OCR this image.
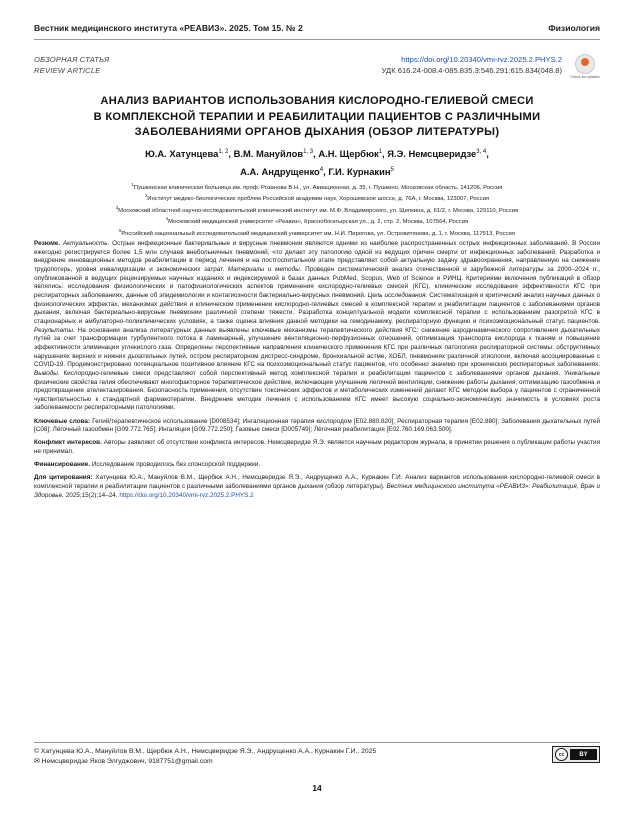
Вестник медицинского института «РЕАВИЗ». 2025. Том 15. № 2	Физиология
ОБЗОРНАЯ СТАТЬЯ
REVIEW ARTICLE
https://doi.org/10.20340/vmi-rvz.2025.2.PHYS.2
УДК 616.24-008.4-085.835.3:546.291:615.834(048.8)
Check for updates
АНАЛИЗ ВАРИАНТОВ ИСПОЛЬЗОВАНИЯ КИСЛОРОДНО-ГЕЛИЕВОЙ СМЕСИ
В КОМПЛЕКСНОЙ ТЕРАПИИ И РЕАБИЛИТАЦИИ ПАЦИЕНТОВ С РАЗЛИЧНЫМИ
ЗАБОЛЕВАНИЯМИ ОРГАНОВ ДЫХАНИЯ (ОБЗОР ЛИТЕРАТУРЫ)
Ю.А. Хатунцева$^{1, 2}$, В.М. Мануйлов$^{1, 3}$, А.Н. Щербюк$^1$, Я.Э. Немсцверидзе$^{3, 4}$,
А.А. Андрущенко$^4$, Г.И. Курнакин$^5$
$^1$Пушкинская клиническая больница им. проф. Розанова В.Н., ул. Авиационная, д. 35, г. Пушкино, Московская область, 141206, Россия
$^2$Институт медико-биологических проблем Российской академии наук, Хорошевское шоссе, д. 76А, г. Москва, 123007, Россия
$^3$Московский областной научно-исследовательский клинический институт им. М.Ф. Владимирского, ул. Щепкина, д. 61/2, г. Москва, 129110, Россия
$^4$Московский медицинский университет «Реавиз», Краснобогатырская ул., д. 2, стр. 2, Москва, 107564, Россия
$^5$Российский национальный исследовательский медицинский университет им. Н.И. Пирогова, ул. Островитянова, д. 1, г. Москва, 117513, Россия

Резюме. Актуальность. Острые инфекционные бактериальные и вирусные пневмонии являются одними из наиболее распространенных острых инфекционных заболеваний. В России ежегодно регистрируется более 1,5 млн случаев внебольничных пневмоний, что делает эту патологию одной из ведущих причин смерти от инфекционных заболеваний. Разработка и внедрение инновационных методов реабилитации в период лечения и на постгоспитальном этапе представляет собой актуальную задачу здравоохранения, направленную на снижение трудопотерь, уровня инвалидизации и экономических затрат. Материалы и методы. Проведен систематический анализ отечественной и зарубежной литературы за 2000–2024 гг., опубликованной в ведущих рецензируемых научных изданиях и индексируемой в базах данных PubMed, Scopus, Web of Science и РИНЦ. Критериями включения публикаций в обзор являлись: исследования физиологических и патофизиологических аспектов применения кислородно-гелиевых смесей (КГС), клинические исследования эффективности КГС при респираторных заболеваниях, данные об эпидемиологии и контагиозности бактериально-вирусных пневмоний. Цель исследования. Систематизация и критический анализ научных данных о физиологических эффектах, механизмах действия и клиническом применении кислородно-гелиевых смесей в комплексной терапии и реабилитации пациентов с заболеваниями органов дыхания, включая бактериально-вирусные пневмонии различной степени тяжести. Разработка концептуальной модели комплексной терапии с использованием разогретой КГС в стационарных и амбулаторно-поликлинических условиях, а также оценка влияния данной методики на гемодинамику, респираторную функцию и психоэмоциональный статус пациентов. Результаты. На основании анализа литературных данных выявлены ключевые механизмы терапевтического действия КГС: снижение аэродинамического сопротивления дыхательных путей за счет трансформации турбулентного потока в ламинарный, улучшение вентиляционно-перфузионных отношений, оптимизация транспорта кислорода к тканям и повышение эффективности элиминации углекислого газа. Определены перспективные направления клинического применения КГС при различных патологиях респираторной системы: обструктивных нарушениях верхних и нижних дыхательных путей, остром респираторном дистресс-синдроме, бронхиальной астме, ХОБЛ, пневмониях различной этиологии, включая ассоциированные с COVID-19. Продемонстрировано потенциальное позитивное влияние КГС на психоэмоциональный статус пациентов, что особенно значимо при хронических респираторных заболеваниях. Выводы. Кислородно-гелиевые смеси представляют собой перспективный метод комплексной терапии и реабилитации пациентов с заболеваниями органов дыхания. Уникальные физические свойства гелия обеспечивают многофакторное терапевтическое действие, включающее улучшение легочной вентиляции, снижение работы дыхания, оптимизацию газообмена и предотвращение ателектазирования. Безопасность применения, отсутствие токсических эффектов и метаболических изменений делают КГС методом выбора у пациентов с ограниченной чувствительностью к стандартной фармакотерапии. Внедрение методик лечения с использованием КГС имеет высокую социально-экономическую значимость в условиях роста заболеваемости респираторными патологиями.

Ключевые слова: Гелий/терапевтическое использование [D008534]; Ингаляционная терапия кислородом [E02.880.820]; Респираторная терапия [E02.880]; Заболевания дыхательных путей [C08]; Лёгочный газообмен [G09.772.765]; Ингаляция [G09.772.250]; Газовые смеси [D005749]; Лёгочная реабилитация [E02.760.169.063.500].

Конфликт интересов. Авторы заявляют об отсутствии конфликта интересов. Немсцверидзе Я.Э. является научным редактором журнала, в принятии решения о публикации работы участия не принимал.

Финансирование. Исследование проводилось без спонсорской поддержки.

Для цитирования: Хатунцева Ю.А., Мануйлов В.М., Щербюк А.Н., Немсцверидзе Я.Э., Андрущенко А.А., Курнакин Г.И. Анализ вариантов использования кислородно-гелиевой смеси в комплексной терапии и реабилитации пациентов с различными заболеваниями органов дыхания (обзор литературы). Вестник медицинского института «РЕАВИЗ»: Реабилитация, Врач и Здоровье. 2025;15(2);14–24. https://doi.org/10.20340/vmi-rvz.2025.2.PHYS.2

© Хатунцева Ю.А., Мануйлов В.М., Щербюк А.Н., Немсцверидзе Я.Э., Андрущенко А.А., Курнакин Г.И., 2025
✉ Немсцверидзе Яков Элгуджович, 9187751@gmail.com
cc	BY
14
